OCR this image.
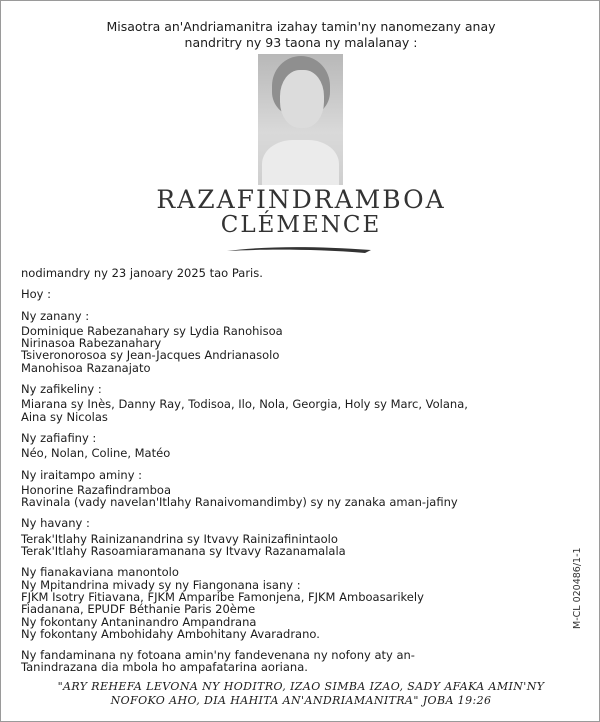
Misaotra an'Andriamanitra izahay tamin'ny nanomezany anay
nandritry ny 93 taona ny malalanay :
RAZAFINDRAMBOA
CLÉMENCE

nodimandry ny 23 janoary 2025 tao Paris.

Hoy :

Ny zanany :

Dominique Rabezanahary sy Lydia Ranohisoa

Nirinasoa Rabezanahary

Tsiveronorosoa sy Jean-Jacques Andrianasolo

Manohisoa Razanajato

Ny zafikeliny :

Miarana sy Inès, Danny Ray, Todisoa, Ilo, Nola, Georgia, Holy sy Marc, Volana,

Aina sy Nicolas

Ny zafiafiny :

Néo, Nolan, Coline, Matéo

Ny iraitampo aminy :

Honorine Razafindramboa

Ravinala (vady navelan'Itlahy Ranaivomandimby) sy ny zanaka aman-jafiny

Ny havany :

Terak'Itlahy Rainizanandrina sy Itvavy Rainizafinintaolo

Terak'Itlahy Rasoamiaramanana sy Itvavy Razanamalala

Ny fianakaviana manontolo

Ny Mpitandrina mivady sy ny Fiangonana isany :

FJKM Isotry Fitiavana, FJKM Amparibe Famonjena, FJKM Amboasarikely

Fiadanana, EPUDF Béthanie Paris 20ème

Ny fokontany Antaninandro Ampandrana

Ny fokontany Ambohidahy Ambohitany Avaradrano.

Ny fandaminana ny fotoana amin'ny fandevenana ny nofony aty an-

Tanindrazana dia mbola ho ampafatarina aoriana.

"ARY REHEFA LEVONA NY HODITRO, IZAO SIMBA IZAO, SADY AFAKA AMIN'NY
NOFOKO AHO, DIA HAHITA AN'ANDRIAMANITRA" JOBA 19:26
M-CL 020486/1-1
